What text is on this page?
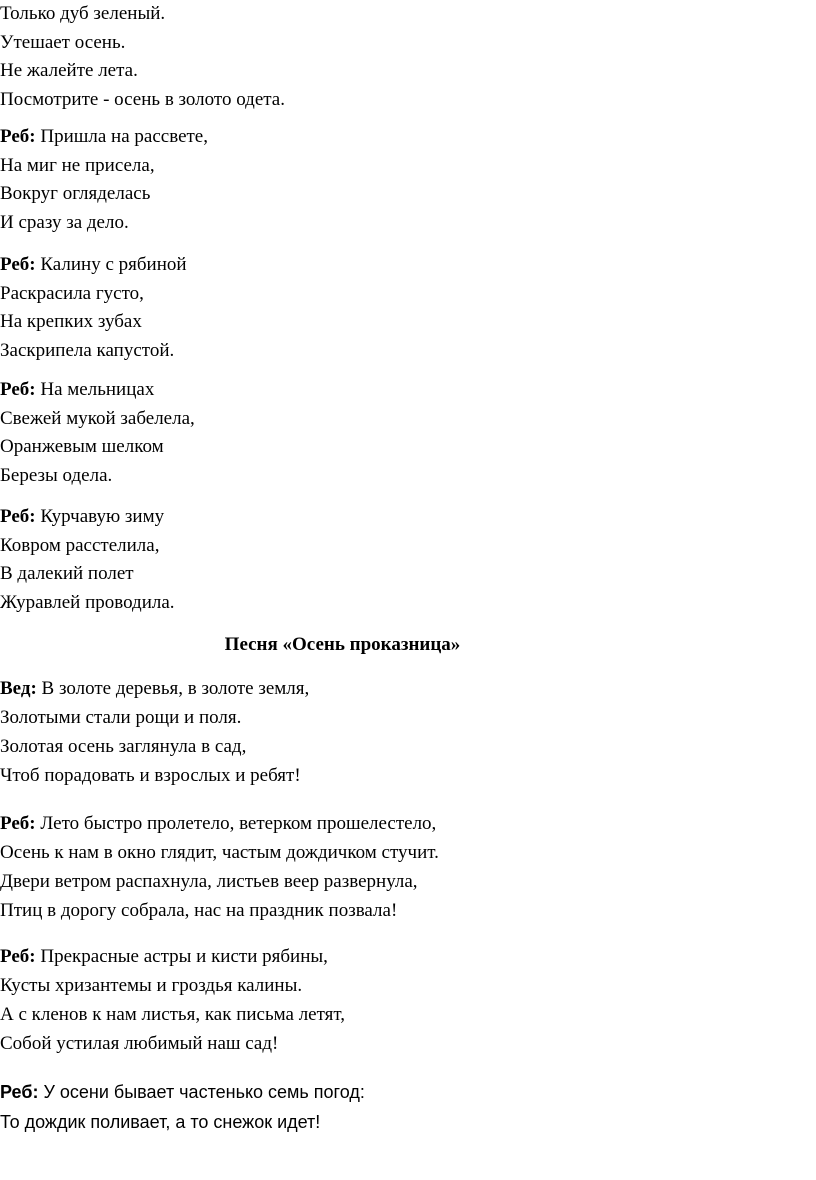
Только дуб зеленый.
Утешает осень.
Не жалейте лета.
Посмотрите - осень в золото одета.
Реб: Пришла на рассвете,
На миг не присела,
Вокруг огляделась
И сразу за дело.
Реб: Калину с рябиной
Раскрасила густо,
На крепких зубах
Заскрипела капустой.
Реб: На мельницах
Свежей мукой забелела,
Оранжевым шелком
Березы одела.
Реб: Курчавую зиму
Ковром расстелила,
В далекий полет
Журавлей проводила.
Песня «Осень проказница»
Вед: В золоте деревья, в золоте земля,
Золотыми стали рощи и поля.
Золотая осень заглянула в сад,
Чтоб порадовать и взрослых и ребят!
Реб: Лето быстро пролетело, ветерком прошелестело,
Осень к нам в окно глядит, частым дождичком стучит.
Двери ветром распахнула, листьев веер развернула,
Птиц в дорогу собрала, нас на праздник позвала!
Реб: Прекрасные астры и кисти рябины,
Кусты хризантемы и гроздья калины.
А с кленов к нам листья, как письма летят,
Собой устилая любимый наш сад!
Реб: У осени бывает частенько семь погод:
То дождик поливает, а то снежок идет!
